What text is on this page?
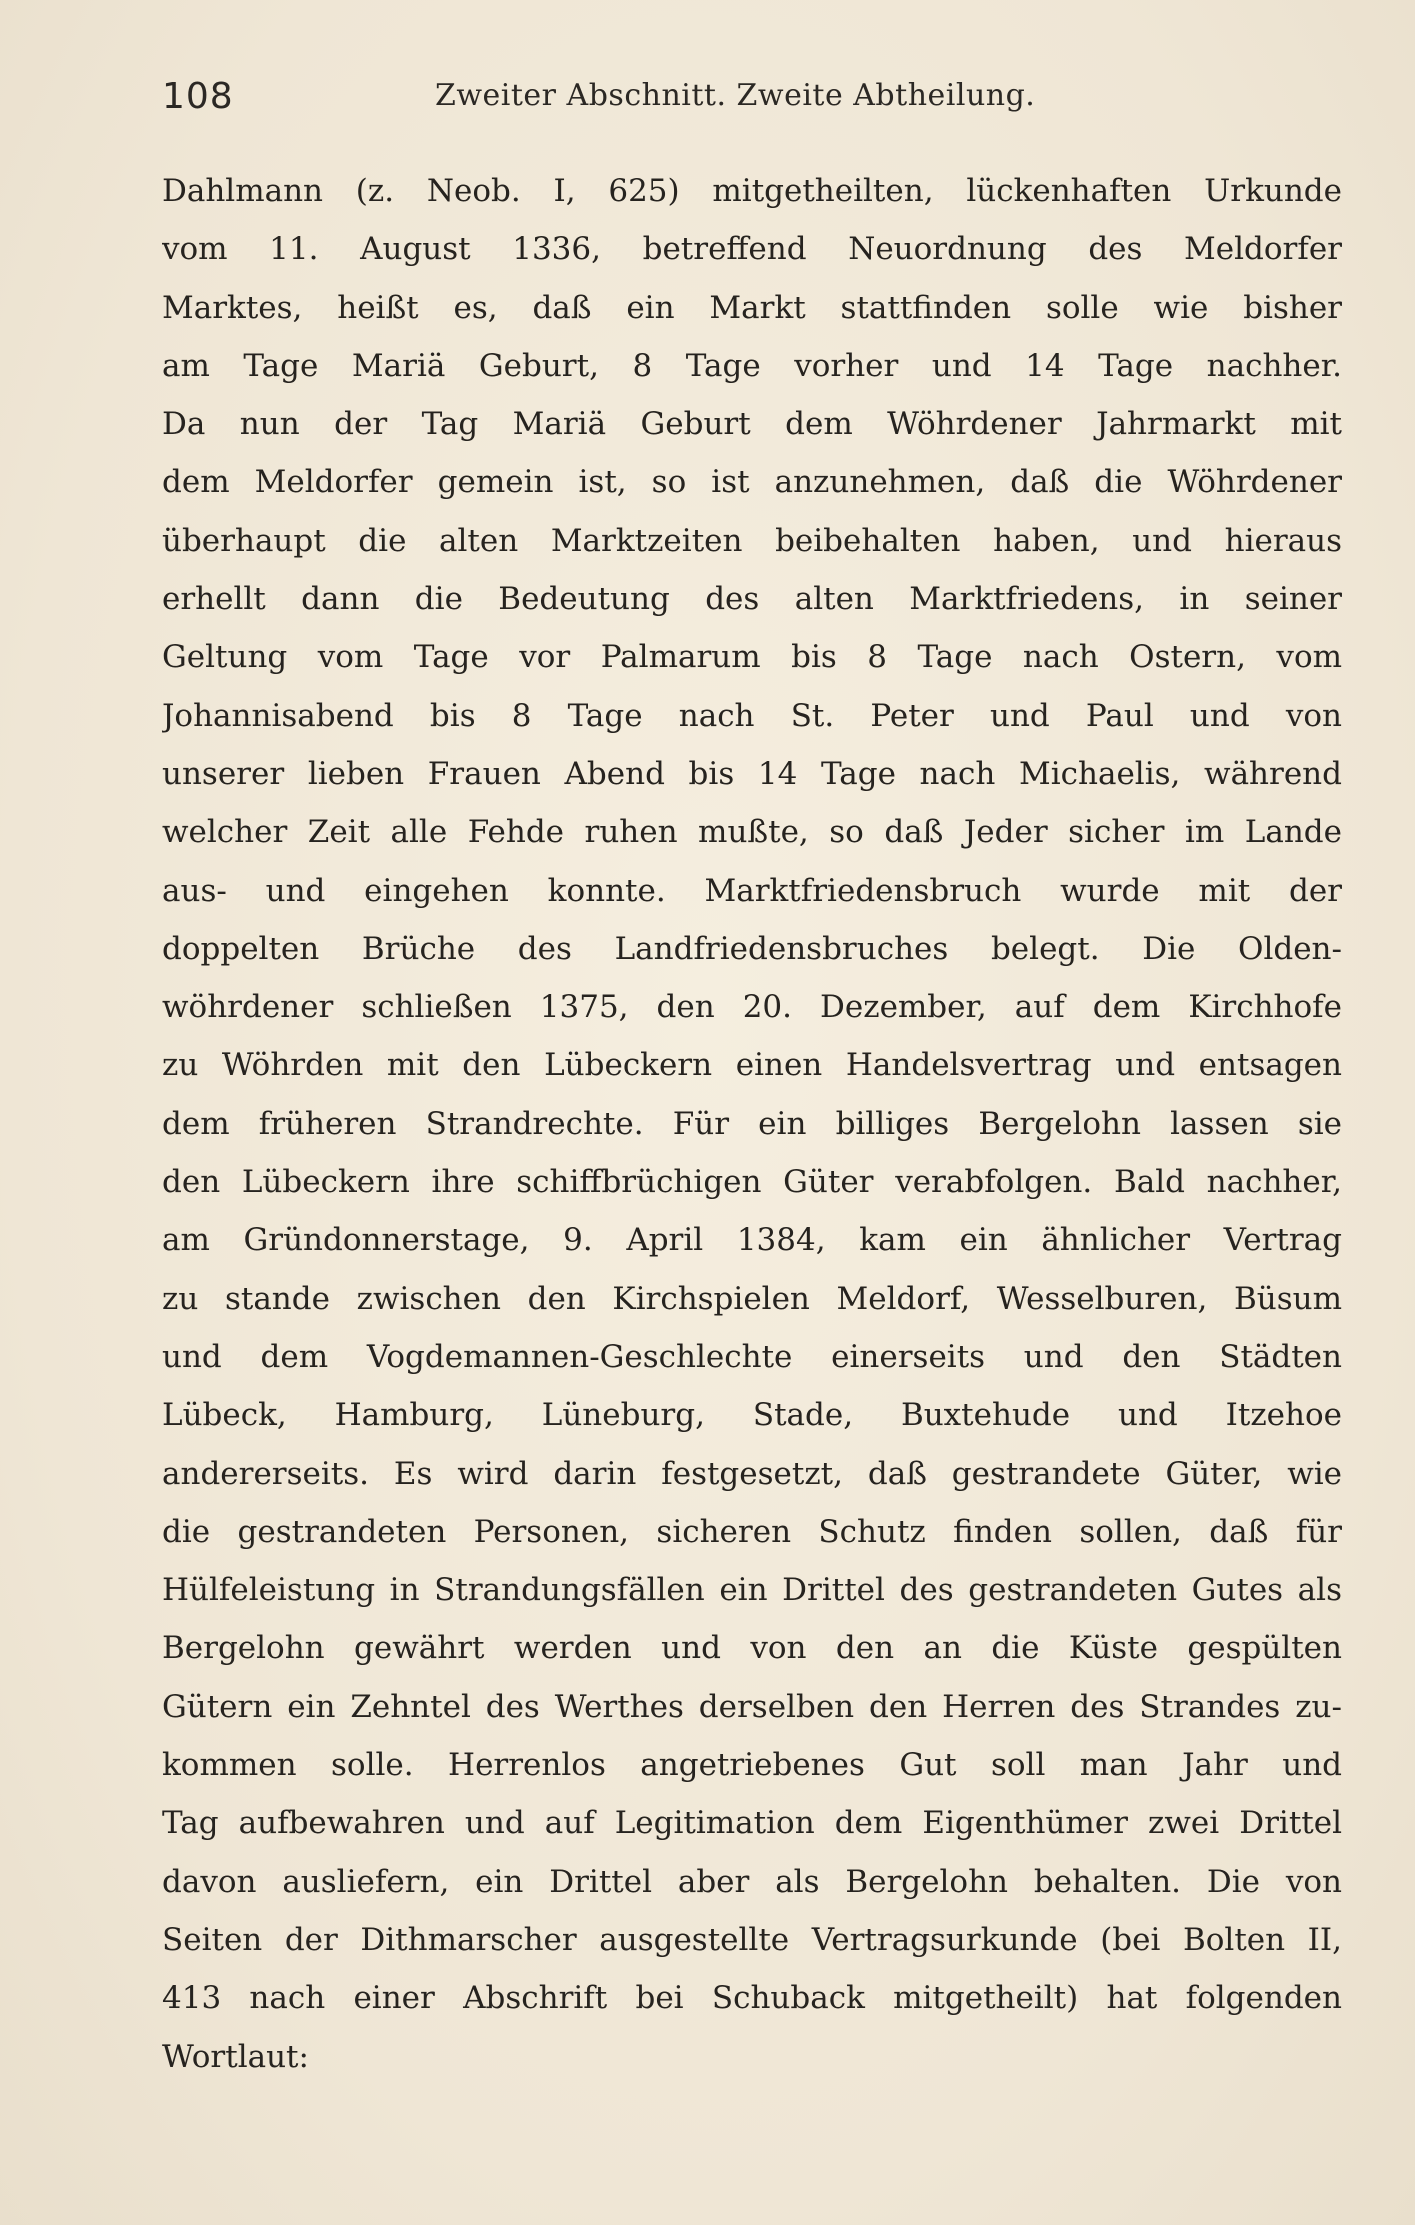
108	Zweiter Abschnitt. Zweite Abtheilung.
Dahlmann (z. Neob. I, 625) mitgetheilten, lückenhaften Urkunde
vom 11. August 1336, betreffend Neuordnung des Meldorfer
Marktes, heißt es, daß ein Markt stattfinden solle wie bisher
am Tage Mariä Geburt, 8 Tage vorher und 14 Tage nachher.
Da nun der Tag Mariä Geburt dem Wöhrdener Jahrmarkt mit
dem Meldorfer gemein ist, so ist anzunehmen, daß die Wöhrdener
überhaupt die alten Marktzeiten beibehalten haben, und hieraus
erhellt dann die Bedeutung des alten Marktfriedens, in seiner
Geltung vom Tage vor Palmarum bis 8 Tage nach Ostern, vom
Johannisabend bis 8 Tage nach St. Peter und Paul und von
unserer lieben Frauen Abend bis 14 Tage nach Michaelis, während
welcher Zeit alle Fehde ruhen mußte, so daß Jeder sicher im Lande
aus- und eingehen konnte. Marktfriedensbruch wurde mit der
doppelten Brüche des Landfriedensbruches belegt. Die Olden-
wöhrdener schließen 1375, den 20. Dezember, auf dem Kirchhofe
zu Wöhrden mit den Lübeckern einen Handelsvertrag und entsagen
dem früheren Strandrechte. Für ein billiges Bergelohn lassen sie
den Lübeckern ihre schiffbrüchigen Güter verabfolgen. Bald nachher,
am Gründonnerstage, 9. April 1384, kam ein ähnlicher Vertrag
zu stande zwischen den Kirchspielen Meldorf, Wesselburen, Büsum
und dem Vogdemannen-Geschlechte einerseits und den Städten
Lübeck, Hamburg, Lüneburg, Stade, Buxtehude und Itzehoe
andererseits. Es wird darin festgesetzt, daß gestrandete Güter, wie
die gestrandeten Personen, sicheren Schutz finden sollen, daß für
Hülfeleistung in Strandungsfällen ein Drittel des gestrandeten Gutes als
Bergelohn gewährt werden und von den an die Küste gespülten
Gütern ein Zehntel des Werthes derselben den Herren des Strandes zu-
kommen solle. Herrenlos angetriebenes Gut soll man Jahr und
Tag aufbewahren und auf Legitimation dem Eigenthümer zwei Drittel
davon ausliefern, ein Drittel aber als Bergelohn behalten. Die von
Seiten der Dithmarscher ausgestellte Vertragsurkunde (bei Bolten II,
413 nach einer Abschrift bei Schuback mitgetheilt) hat folgenden
Wortlaut:
